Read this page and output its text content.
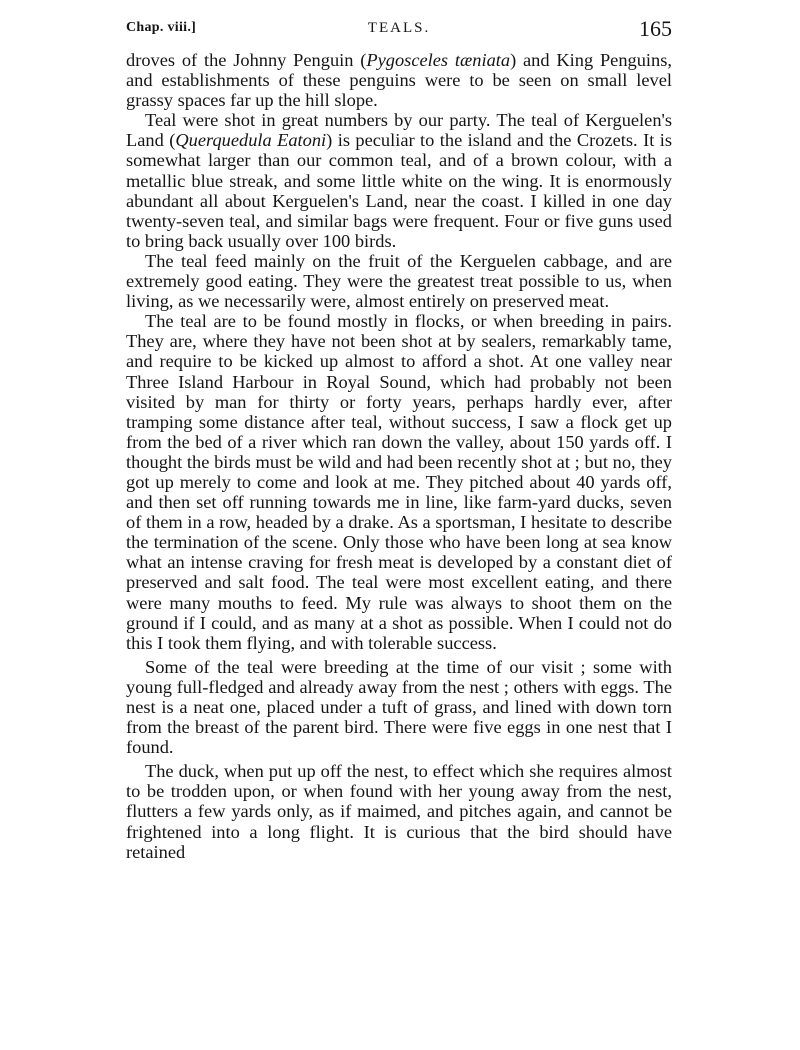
Chap. viii.]	TEALS.	165

droves of the Johnny Penguin (Pygosceles tæniata) and King Penguins, and establishments of these penguins were to be seen on small level grassy spaces far up the hill slope.

Teal were shot in great numbers by our party. The teal of Kerguelen's Land (Querquedula Eatoni) is peculiar to the island and the Crozets. It is somewhat larger than our common teal, and of a brown colour, with a metallic blue streak, and some little white on the wing. It is enormously abundant all about Kerguelen's Land, near the coast. I killed in one day twenty-seven teal, and similar bags were frequent. Four or five guns used to bring back usually over 100 birds.

The teal feed mainly on the fruit of the Kerguelen cabbage, and are extremely good eating. They were the greatest treat possible to us, when living, as we necessarily were, almost entirely on preserved meat.

The teal are to be found mostly in flocks, or when breeding in pairs. They are, where they have not been shot at by sealers, remarkably tame, and require to be kicked up almost to afford a shot. At one valley near Three Island Harbour in Royal Sound, which had probably not been visited by man for thirty or forty years, perhaps hardly ever, after tramping some distance after teal, without success, I saw a flock get up from the bed of a river which ran down the valley, about 150 yards off. I thought the birds must be wild and had been recently shot at ; but no, they got up merely to come and look at me. They pitched about 40 yards off, and then set off running towards me in line, like farm-yard ducks, seven of them in a row, headed by a drake. As a sportsman, I hesitate to describe the termination of the scene. Only those who have been long at sea know what an intense craving for fresh meat is developed by a constant diet of preserved and salt food. The teal were most excellent eating, and there were many mouths to feed. My rule was always to shoot them on the ground if I could, and as many at a shot as possible. When I could not do this I took them flying, and with tolerable success.

Some of the teal were breeding at the time of our visit ; some with young full-fledged and already away from the nest ; others with eggs. The nest is a neat one, placed under a tuft of grass, and lined with down torn from the breast of the parent bird. There were five eggs in one nest that I found.

The duck, when put up off the nest, to effect which she requires almost to be trodden upon, or when found with her young away from the nest, flutters a few yards only, as if maimed, and pitches again, and cannot be frightened into a long flight. It is curious that the bird should have retained
